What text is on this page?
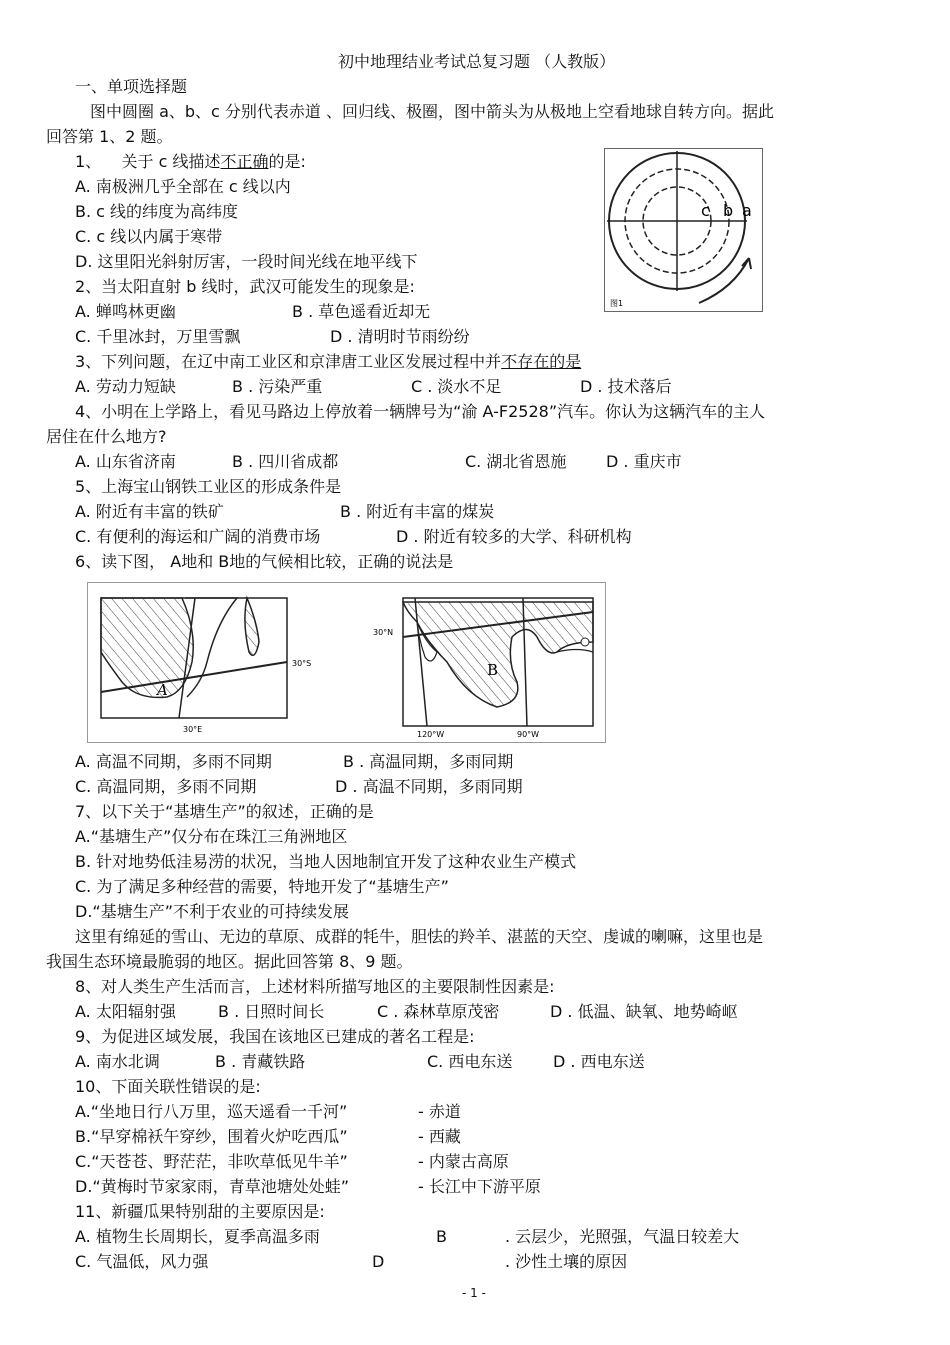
初中地理结业考试总复习题 （人教版）
一、单项选择题
图中圆圈 a、b、c 分别代表赤道 、回归线、极圈，图中箭头为从极地上空看地球自转方向。据此
回答第 1、2 题。
1、 关于 c 线描述不正确的是:
A. 南极洲几乎全部在 c 线以内
B. c 线的纬度为高纬度
C. c 线以内属于寒带
D. 这里阳光斜射厉害，一段时间光线在地平线下
c b a
图1
2、当太阳直射 b 线时，武汉可能发生的现象是:
A. 蝉鸣林更幽	B . 草色遥看近却无
C. 千里冰封，万里雪飘	D . 清明时节雨纷纷
3、下列问题，在辽中南工业区和京津唐工业区发展过程中并不存在的是
A. 劳动力短缺	B . 污染严重	C . 淡水不足	D . 技术落后
4、小明在上学路上，看见马路边上停放着一辆牌号为“渝 A-F2528”汽车。你认为这辆汽车的主人
居住在什么地方?
A. 山东省济南	B . 四川省成都	C. 湖北省恩施 D . 重庆市
5、上海宝山钢铁工业区的形成条件是
A. 附近有丰富的铁矿	B . 附近有丰富的煤炭
C. 有便利的海运和广阔的消费市场	D . 附近有较多的大学、科研机构
6、读下图， A地和 B地的气候相比较，正确的说法是
A
30°S
30°E
B
30°N
120°W	90°W
A. 高温不同期，多雨不同期	B . 高温同期，多雨同期
C. 高温同期，多雨不同期	D . 高温不同期，多雨同期
7、以下关于“基塘生产”的叙述，正确的是
A.“基塘生产”仅分布在珠江三角洲地区
B. 针对地势低洼易涝的状况，当地人因地制宜开发了这种农业生产模式
C. 为了满足多种经营的需要，特地开发了“基塘生产”
D.“基塘生产”不利于农业的可持续发展
这里有绵延的雪山、无边的草原、成群的牦牛，胆怯的羚羊、湛蓝的天空、虔诚的喇嘛，这里也是
我国生态环境最脆弱的地区。据此回答第 8、9 题。
8、对人类生产生活而言，上述材料所描写地区的主要限制性因素是:
A. 太阳辐射强	B . 日照时间长	C . 森林草原茂密	D . 低温、缺氧、地势崎岖
9、为促进区域发展，我国在该地区已建成的著名工程是:
A. 南水北调	B . 青藏铁路	C. 西电东送	D . 西电东送
10、下面关联性错误的是:
A.“坐地日行八万里，巡天遥看一千河”	- 赤道
B.“早穿棉袄午穿纱，围着火炉吃西瓜”	- 西藏
C.“天苍苍、野茫茫，非吹草低见牛羊”	- 内蒙古高原
D.“黄梅时节家家雨，青草池塘处处蛙”	- 长江中下游平原
11、新疆瓜果特别甜的主要原因是:
A. 植物生长周期长，夏季高温多雨	B	. 云层少，光照强，气温日较差大
C. 气温低，风力强	D	. 沙性土壤的原因
- 1 -
